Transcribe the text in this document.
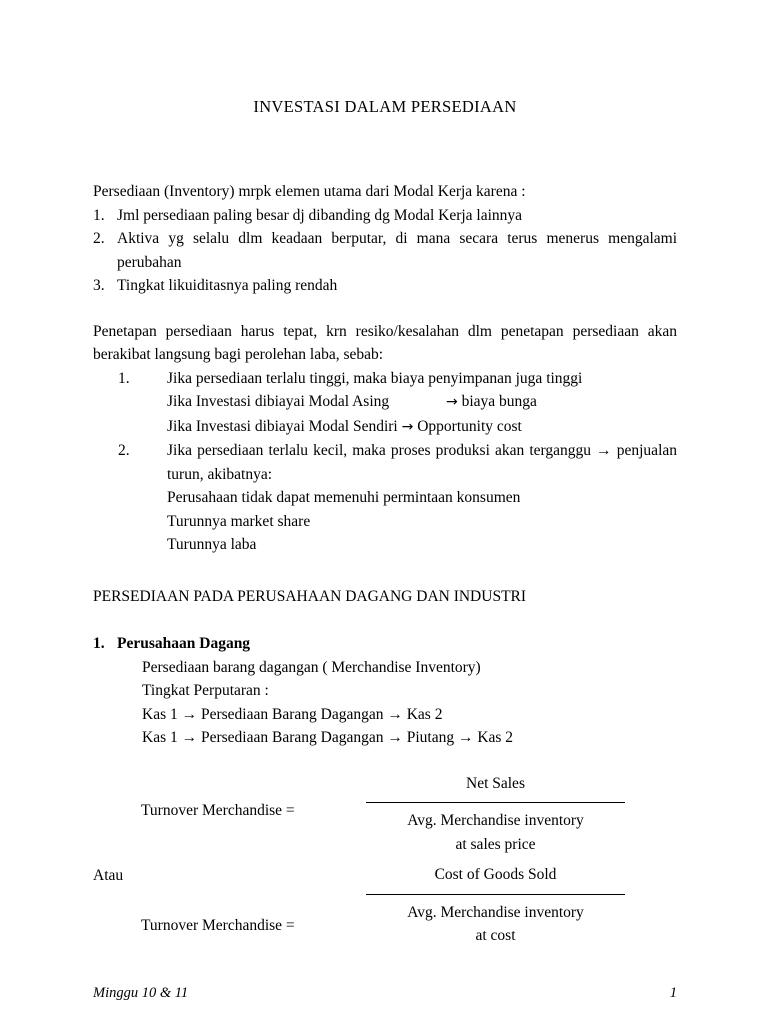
INVESTASI DALAM PERSEDIAAN

Persediaan (Inventory) mrpk elemen utama dari Modal Kerja karena :

1. Jml persediaan paling besar dj dibanding dg Modal Kerja lainnya
2. Aktiva yg selalu dlm keadaan berputar, di mana secara terus menerus mengalami perubahan
3. Tingkat likuiditasnya paling rendah

Penetapan persediaan harus tepat, krn resiko/kesalahan dlm penetapan persediaan akan berakibat langsung bagi perolehan laba, sebab:

1. Jika persediaan terlalu tinggi, maka biaya penyimpanan juga tinggi
Jika Investasi dibiayai Modal Asing			→ biaya bunga
Jika Investasi dibiayai Modal Sendiri → Opportunity cost
2. Jika persediaan terlalu kecil, maka proses produksi akan terganggu → penjualan turun, akibatnya:
Perusahaan tidak dapat memenuhi permintaan konsumen
Turunnya market share
Turunnya laba

PERSEDIAAN PADA PERUSAHAAN DAGANG DAN INDUSTRI

1. Perusahaan Dagang

Persediaan barang dagangan ( Merchandise Inventory)
Tingkat Perputaran :
Kas 1 → Persediaan Barang Dagangan → Kas 2
Kas 1 → Persediaan Barang Dagangan → Piutang → Kas 2
Turnover Merchandise =
Net Sales
Avg. Merchandise inventory
at sales price

Atau

Turnover Merchandise =
Cost of Goods Sold
Avg. Merchandise inventory
at cost
Minggu 10 & 11	1
